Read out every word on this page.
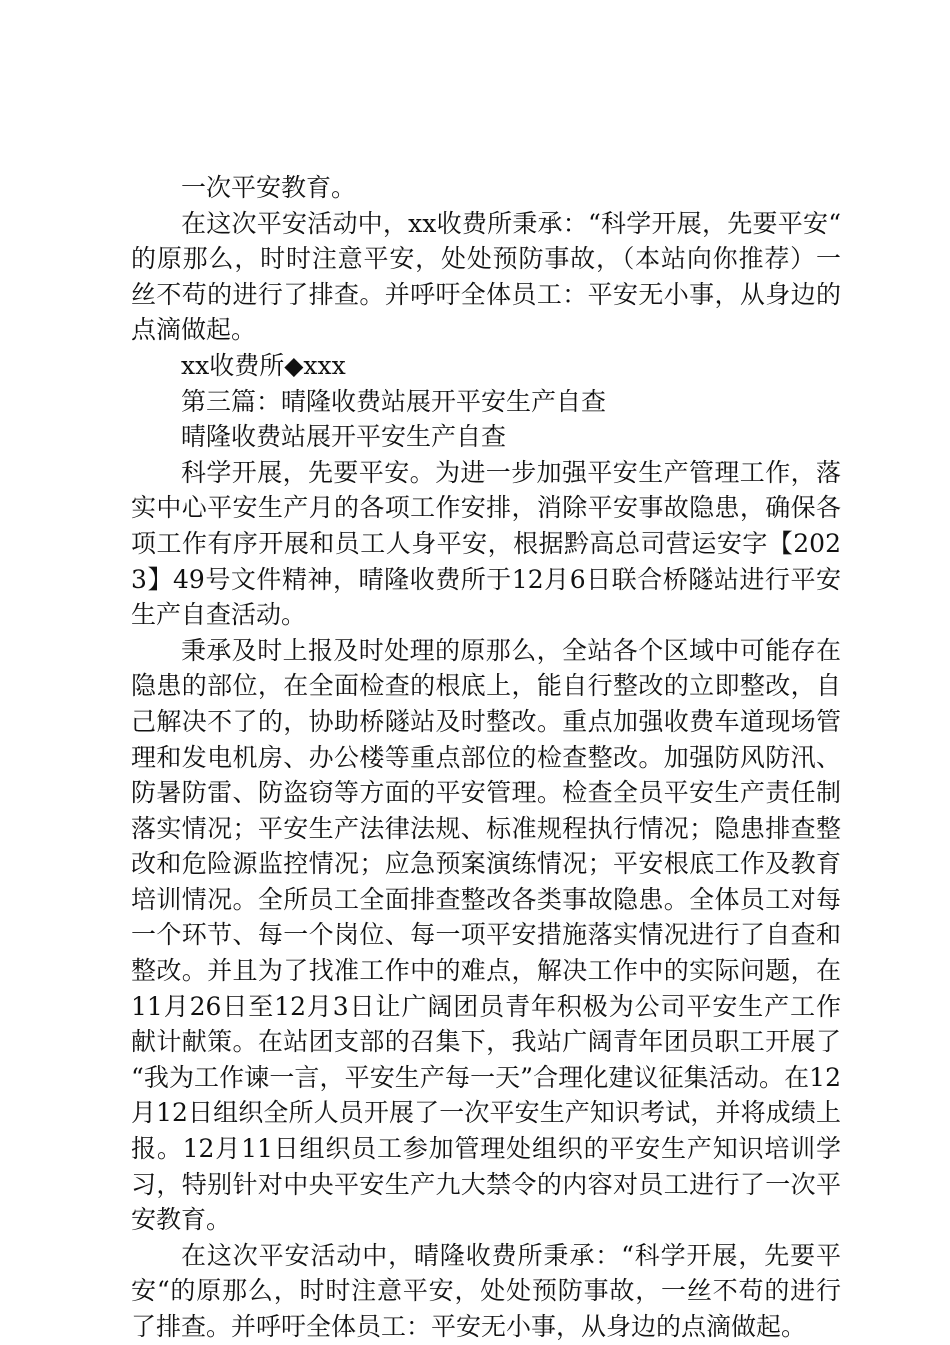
一次平安教育。

在这次平安活动中，xx收费所秉承：“科学开展，先要平安“的原那么，时时注意平安，处处预防事故，（本站向你推荐）一丝不苟的进行了排查。并呼吁全体员工：平安无小事，从身边的点滴做起。

xx收费所◆xxx

第三篇：晴隆收费站展开平安生产自查

晴隆收费站展开平安生产自查

科学开展，先要平安。为进一步加强平安生产管理工作，落实中心平安生产月的各项工作安排，消除平安事故隐患，确保各项工作有序开展和员工人身平安，根据黔高总司营运安字【2023】49号文件精神，晴隆收费所于12月6日联合桥隧站进行平安生产自查活动。

秉承及时上报及时处理的原那么，全站各个区域中可能存在隐患的部位，在全面检查的根底上，能自行整改的立即整改，自己解决不了的，协助桥隧站及时整改。重点加强收费车道现场管理和发电机房、办公楼等重点部位的检查整改。加强防风防汛、防暑防雷、防盗窃等方面的平安管理。检查全员平安生产责任制落实情况；平安生产法律法规、标准规程执行情况；隐患排查整改和危险源监控情况；应急预案演练情况；平安根底工作及教育培训情况。全所员工全面排查整改各类事故隐患。全体员工对每一个环节、每一个岗位、每一项平安措施落实情况进行了自查和整改。并且为了找准工作中的难点，解决工作中的实际问题，在11月26日至12月3日让广阔团员青年积极为公司平安生产工作献计献策。在站团支部的召集下，我站广阔青年团员职工开展了“我为工作谏一言，平安生产每一天”合理化建议征集活动。在12月12日组织全所人员开展了一次平安生产知识考试，并将成绩上报。12月11日组织员工参加管理处组织的平安生产知识培训学习，特别针对中央平安生产九大禁令的内容对员工进行了一次平安教育。

在这次平安活动中，晴隆收费所秉承：“科学开展，先要平安“的原那么，时时注意平安，处处预防事故，一丝不苟的进行了排查。并呼吁全体员工：平安无小事，从身边的点滴做起。
